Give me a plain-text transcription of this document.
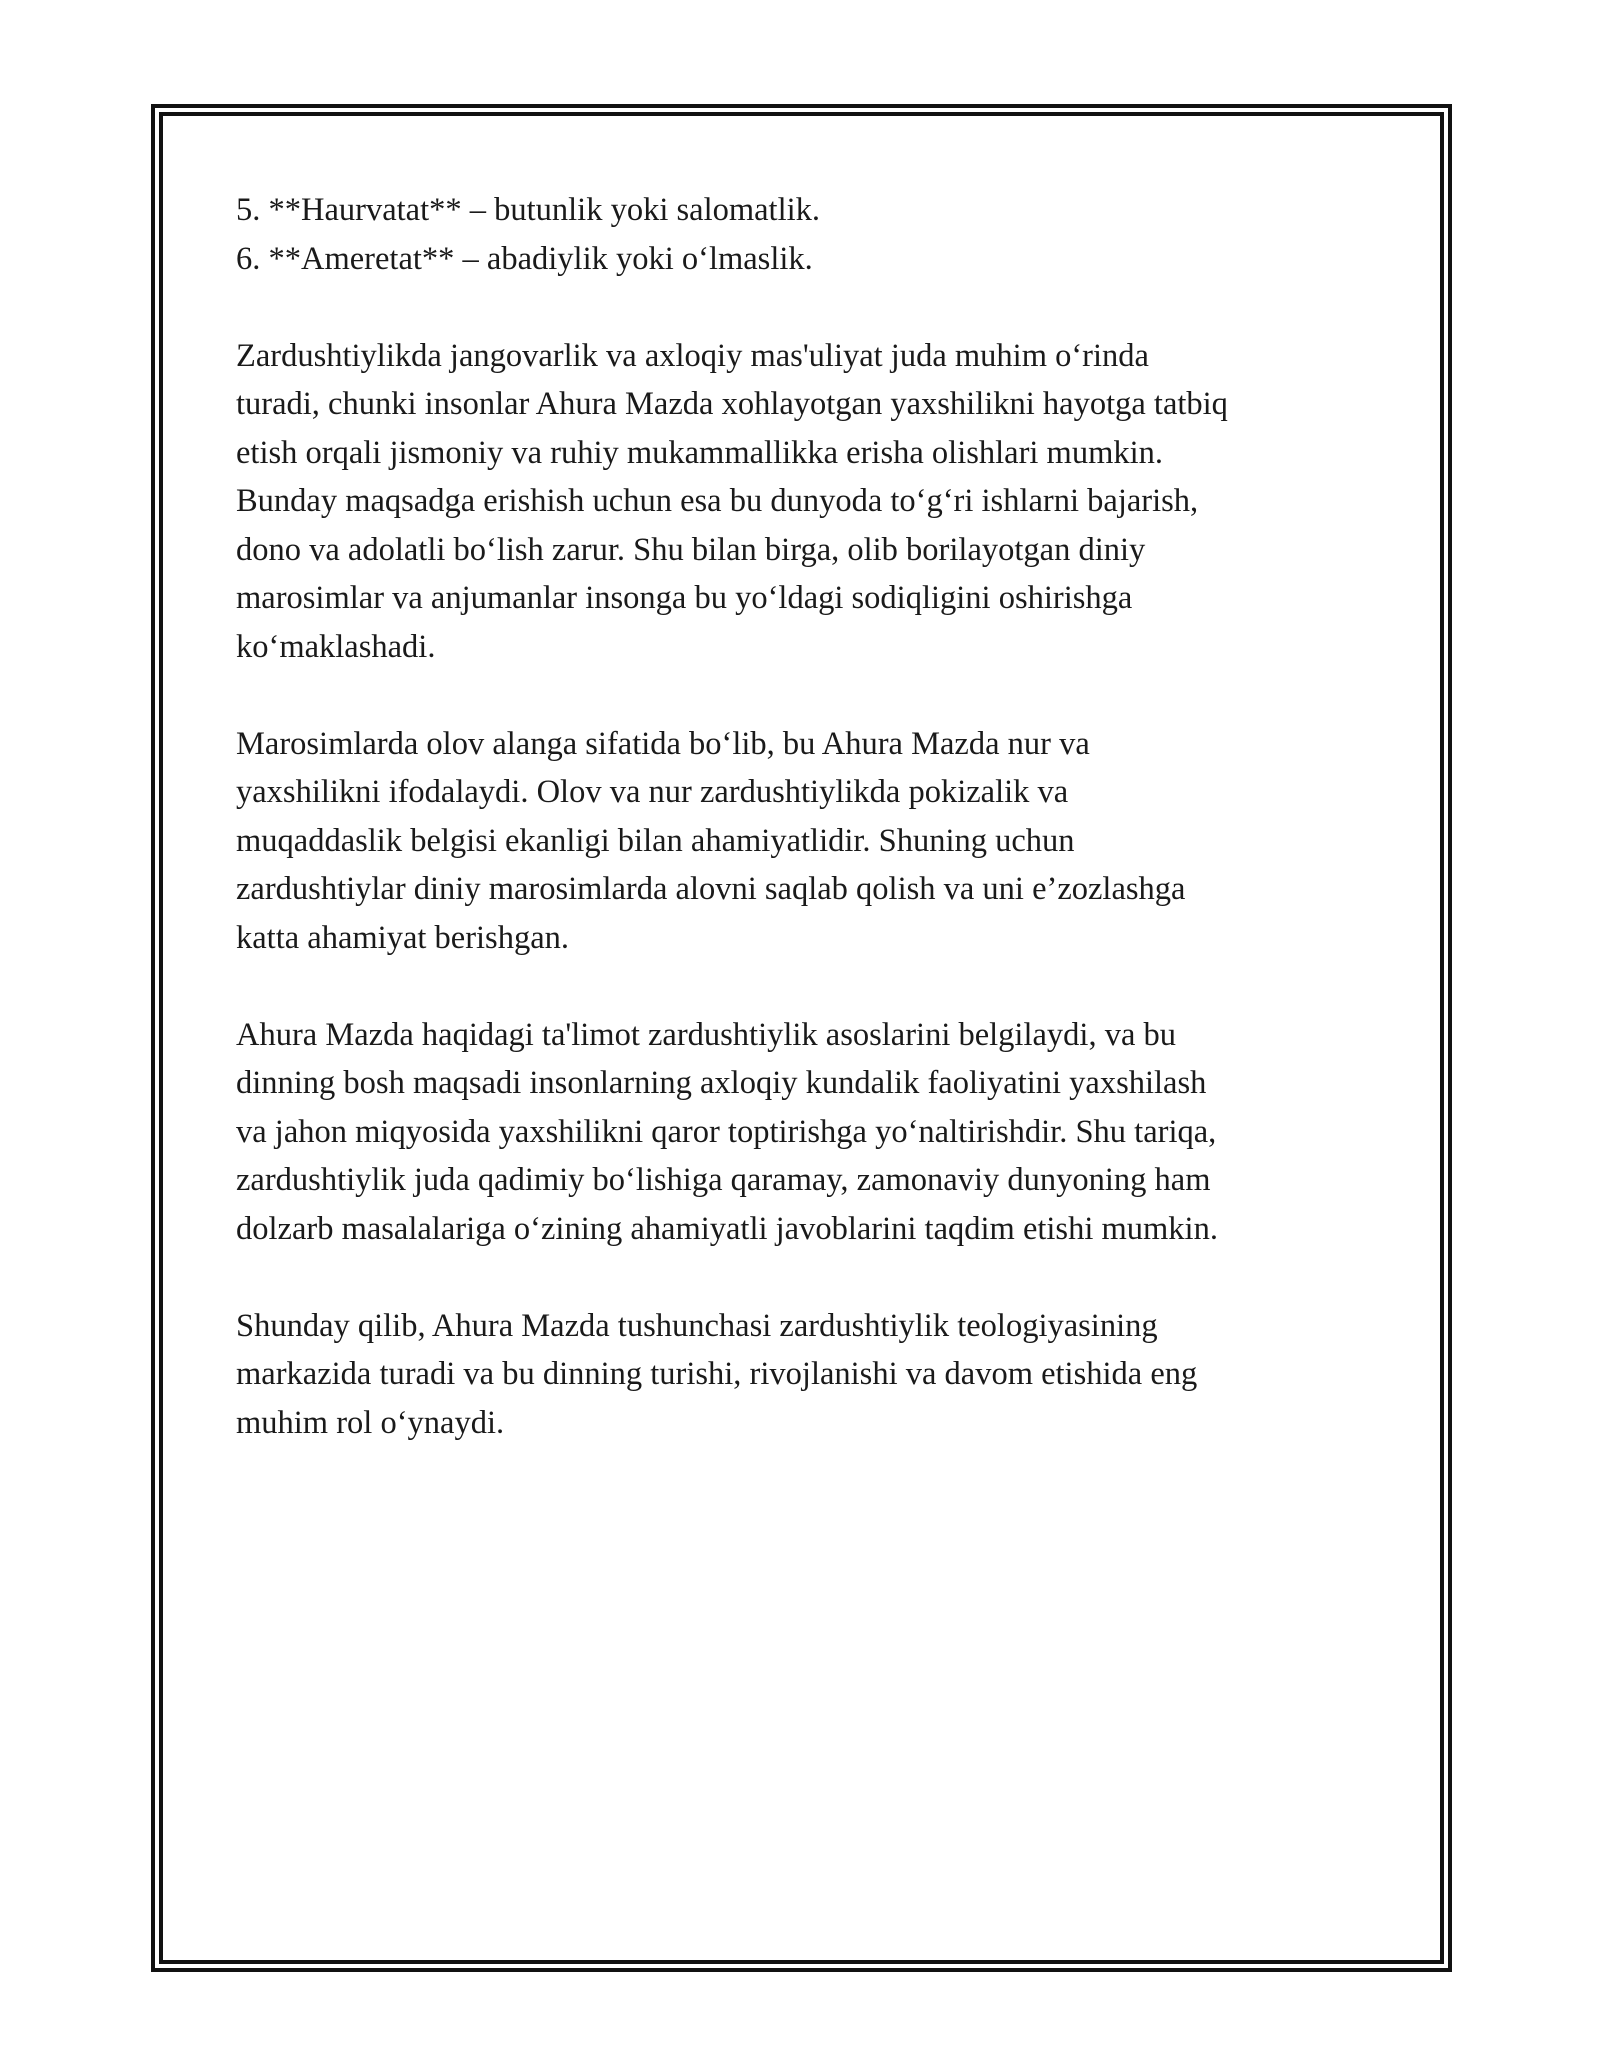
5. **Haurvatat** – butunlik yoki salomatlik.

6. **Ameretat** – abadiylik yoki o‘lmaslik.

Zardushtiylikda jangovarlik va axloqiy mas'uliyat juda muhim o‘rinda
turadi, chunki insonlar Ahura Mazda xohlayotgan yaxshilikni hayotga tatbiq
etish orqali jismoniy va ruhiy mukammallikka erisha olishlari mumkin.
Bunday maqsadga erishish uchun esa bu dunyoda to‘g‘ri ishlarni bajarish,
dono va adolatli bo‘lish zarur. Shu bilan birga, olib borilayotgan diniy
marosimlar va anjumanlar insonga bu yo‘ldagi sodiqligini oshirishga
ko‘maklashadi.

Marosimlarda olov alanga sifatida bo‘lib, bu Ahura Mazda nur va
yaxshilikni ifodalaydi. Olov va nur zardushtiylikda pokizalik va
muqaddaslik belgisi ekanligi bilan ahamiyatlidir. Shuning uchun
zardushtiylar diniy marosimlarda alovni saqlab qolish va uni e’zozlashga
katta ahamiyat berishgan.

Ahura Mazda haqidagi ta'limot zardushtiylik asoslarini belgilaydi, va bu
dinning bosh maqsadi insonlarning axloqiy kundalik faoliyatini yaxshilash
va jahon miqyosida yaxshilikni qaror toptirishga yo‘naltirishdir. Shu tariqa,
zardushtiylik juda qadimiy bo‘lishiga qaramay, zamonaviy dunyoning ham
dolzarb masalalariga o‘zining ahamiyatli javoblarini taqdim etishi mumkin.

Shunday qilib, Ahura Mazda tushunchasi zardushtiylik teologiyasining
markazida turadi va bu dinning turishi, rivojlanishi va davom etishida eng
muhim rol o‘ynaydi.
